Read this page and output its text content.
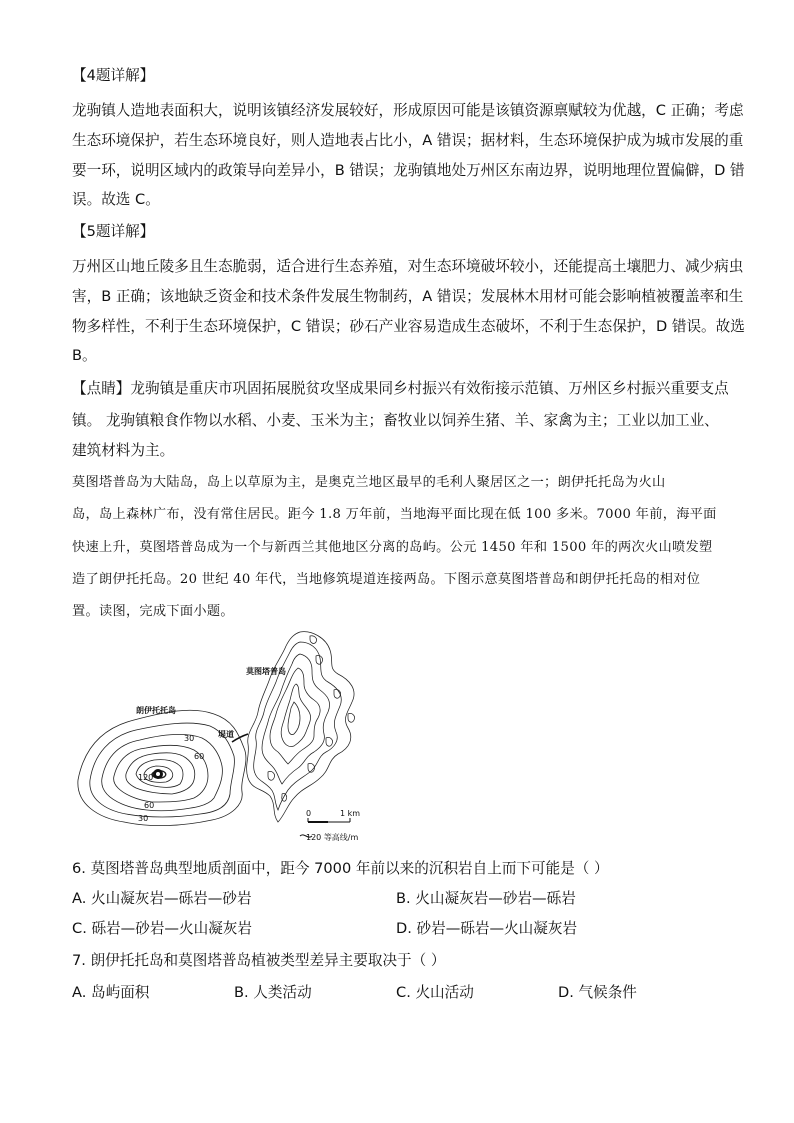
【4题详解】
龙驹镇人造地表面积大，说明该镇经济发展较好，形成原因可能是该镇资源禀赋较为优越，C 正确；考虑
生态环境保护，若生态环境良好，则人造地表占比小，A 错误；据材料，生态环境保护成为城市发展的重
要一环，说明区域内的政策导向差异小，B 错误；龙驹镇地处万州区东南边界，说明地理位置偏僻，D 错
误。故选 C。
【5题详解】
万州区山地丘陵多且生态脆弱，适合进行生态养殖，对生态环境破坏较小，还能提高土壤肥力、减少病虫
害，B 正确；该地缺乏资金和技术条件发展生物制药，A 错误；发展林木用材可能会影响植被覆盖率和生
物多样性，不利于生态环境保护，C 错误；砂石产业容易造成生态破坏，不利于生态保护，D 错误。故选
B。
【点睛】龙驹镇是重庆市巩固拓展脱贫攻坚成果同乡村振兴有效衔接示范镇、万州区乡村振兴重要支点
镇。 龙驹镇粮食作物以水稻、小麦、玉米为主；畜牧业以饲养生猪、羊、家禽为主；工业以加工业、
建筑材料为主。
莫图塔普岛为大陆岛，岛上以草原为主，是奥克兰地区最早的毛利人聚居区之一；朗伊托托岛为火山
岛，岛上森林广布，没有常住居民。距今 1.8 万年前，当地海平面比现在低 100 多米。7000 年前，海平面
快速上升，莫图塔普岛成为一个与新西兰其他地区分离的岛屿。公元 1450 年和 1500 年的两次火山喷发塑
造了朗伊托托岛。20 世纪 40 年代，当地修筑堤道连接两岛。下图示意莫图塔普岛和朗伊托托岛的相对位
置。读图，完成下面小题。
30
60
120
60
30
莫图塔普岛
朗伊托托岛
堤道
0	1 km
120 等高线/m
6. 莫图塔普岛典型地质剖面中，距今 7000 年前以来的沉积岩自上而下可能是（ ）
A. 火山凝灰岩—砾岩—砂岩	B. 火山凝灰岩—砂岩—砾岩
C. 砾岩—砂岩—火山凝灰岩	D. 砂岩—砾岩—火山凝灰岩
7. 朗伊托托岛和莫图塔普岛植被类型差异主要取决于（ ）
A. 岛屿面积	B. 人类活动	C. 火山活动	D. 气候条件
